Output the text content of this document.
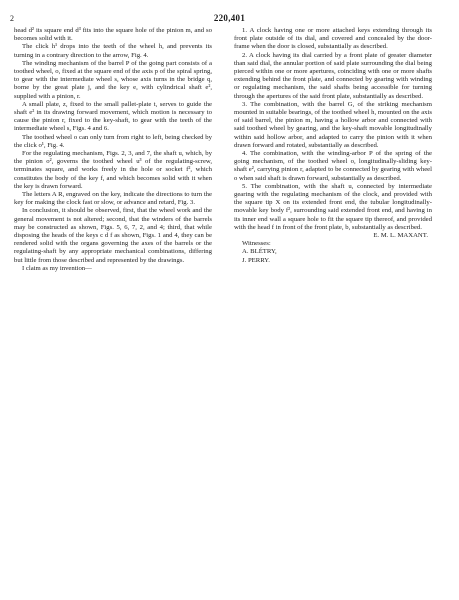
2	220,401

head d² its square end d³ fits into the square hole of the pinion m, and so becomes solid with it.

The click h¹ drops into the teeth of the wheel h, and prevents its turning in a contrary direction to the arrow, Fig. 4.

The winding mechanism of the barrel P of the going part consists of a toothed wheel, o, fixed at the square end of the axis p of the spiral spring, to gear with the intermediate wheel s, whose axis turns in the bridge q, borne by the great plate j, and the key e, with cylindrical shaft e², supplied with a pinion, r.

A small plate, z, fixed to the small pallet-plate t, serves to guide the shaft e² in its drawing forward movement, which motion is necessary to cause the pinion r, fixed to the key-shaft, to gear with the teeth of the intermediate wheel s, Figs. 4 and 6.

The toothed wheel o can only turn from right to left, being checked by the click o¹, Fig. 4.

For the regulating mechanism, Figs. 2, 3, and 7, the shaft u, which, by the pinion o², governs the toothed wheel u³ of the regulating-screw, terminates square, and works freely in the hole or socket f², which constitutes the body of the key f, and which becomes solid with it when the key is drawn forward.

The letters A R, engraved on the key, indicate the directions to turn the key for making the clock fast or slow, or advance and retard, Fig. 3.

In conclusion, it should be observed, first, that the wheel work and the general movement is not altered; second, that the winders of the barrels may be constructed as shown, Figs. 5, 6, 7, 2, and 4; third, that while disposing the heads of the keys c d f as shown, Figs. 1 and 4, they can be rendered solid with the organs governing the axes of the barrels or the regulating-shaft by any appropriate mechanical combinations, differing but little from those described and represented by the drawings.

I claim as my invention—

1. A clock having one or more attached keys extending through its front plate outside of its dial, and covered and concealed by the door-frame when the door is closed, substantially as described.

2. A clock having its dial carried by a front plate of greater diameter than said dial, the annular portion of said plate surrounding the dial being pierced within one or more apertures, coinciding with one or more shafts extending behind the front plate, and connected by gearing with winding or regulating mechanism, the said shafts being accessible for turning through the apertures of the said front plate, substantially as described.

3. The combination, with the barrel G, of the striking mechanism mounted in suitable bearings, of the toothed wheel h, mounted on the axis of said barrel, the pinion m, having a hollow arbor and connected with said toothed wheel by gearing, and the key-shaft movable longitudinally within said hollow arbor, and adapted to carry the pinion with it when drawn forward and rotated, substantially as described.

4. The combination, with the winding-arbor P of the spring of the going mechanism, of the toothed wheel o, longitudinally-sliding key-shaft e², carrying pinion r, adapted to be connected by gearing with wheel o when said shaft is drawn forward, substantially as described.

5. The combination, with the shaft u, connected by intermediate gearing with the regulating mechanism of the clock, and provided with the square tip X on its extended front end, the tubular longitudinally-movable key body f², surrounding said extended front end, and having in its inner end wall a square hole to fit the square tip thereof, and provided with the head f in front of the front plate, b, substantially as described.

E. M. L. MAXANT.

Witnesses:

A. BLÉTRY,

J. PERRY.
